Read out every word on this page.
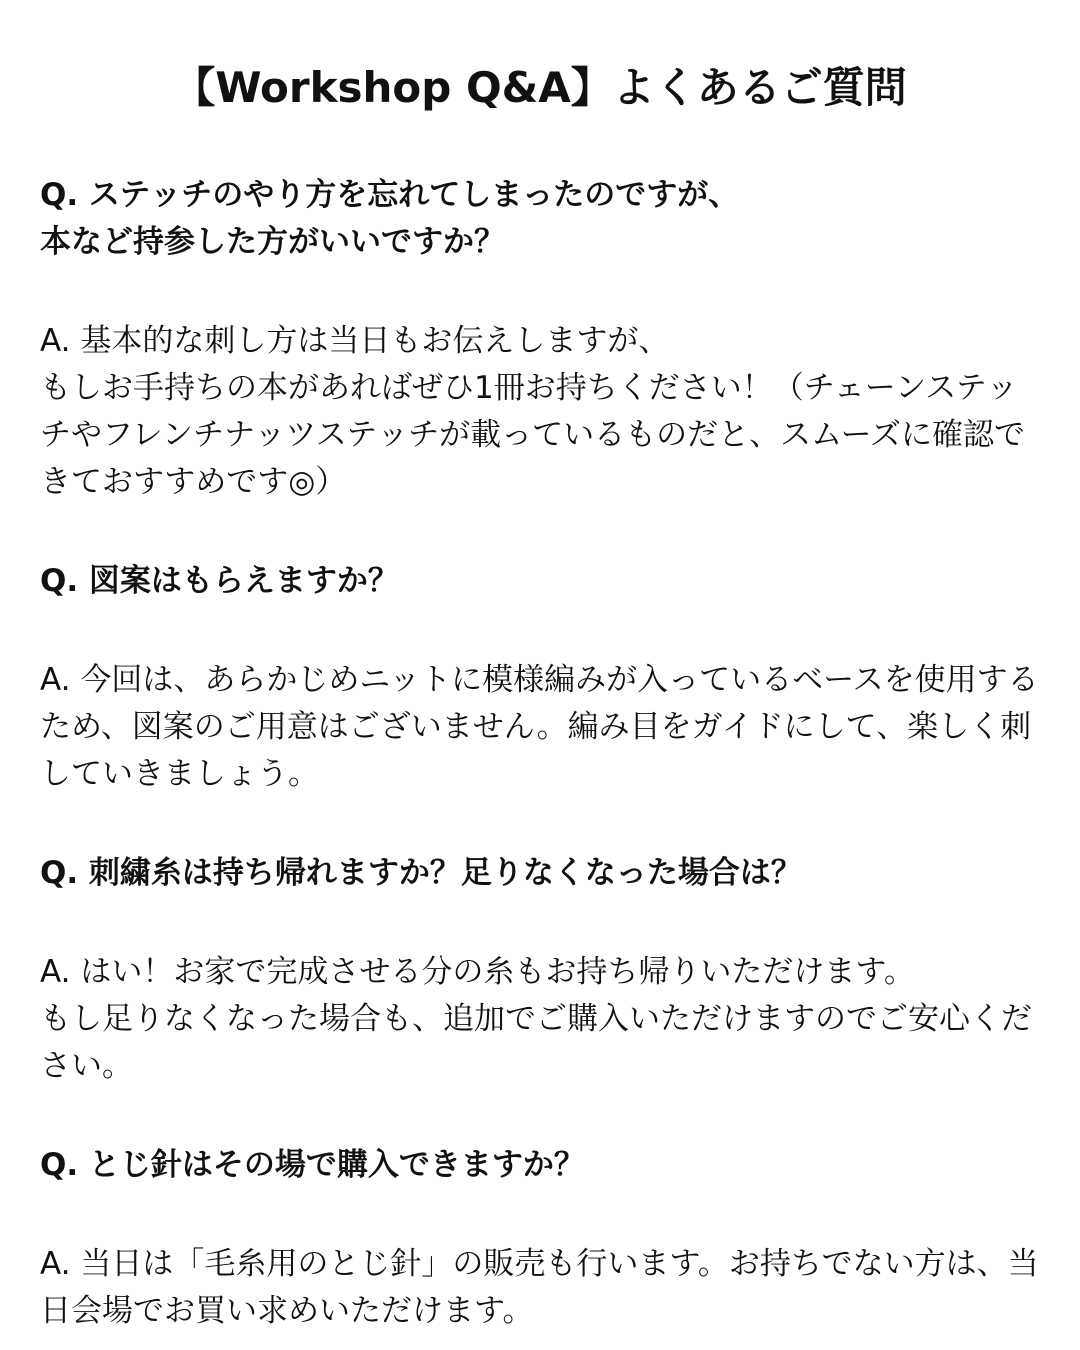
【Workshop Q&A】よくあるご質問

Q. ステッチのやり方を忘れてしまったのですが、
本など持参した方がいいですか？

A. 基本的な刺し方は当日もお伝えしますが、
もしお手持ちの本があればぜひ1冊お持ちください！（チェーンステッチやフレンチナッツステッチが載っているものだと、スムーズに確認できておすすめです◎）

Q. 図案はもらえますか？

A. 今回は、あらかじめニットに模様編みが入っているベースを使用するため、図案のご用意はございません。編み目をガイドにして、楽しく刺していきましょう。

Q. 刺繍糸は持ち帰れますか？足りなくなった場合は？

A. はい！お家で完成させる分の糸もお持ち帰りいただけます。
もし足りなくなった場合も、追加でご購入いただけますのでご安心ください。

Q. とじ針はその場で購入できますか？

A. 当日は「毛糸用のとじ針」の販売も行います。お持ちでない方は、当日会場でお買い求めいただけます。
